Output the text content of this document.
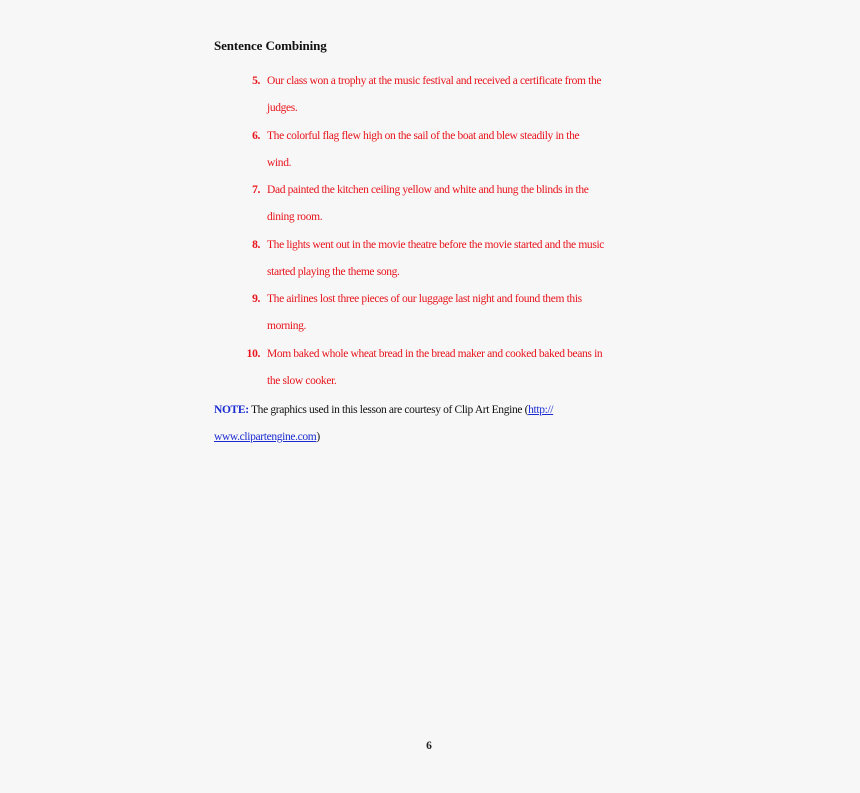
Sentence Combining
5. Our class won a trophy at the music festival and received a certificate from the
judges.
6. The colorful flag flew high on the sail of the boat and blew steadily in the
wind.
7. Dad painted the kitchen ceiling yellow and white and hung the blinds in the
dining room.
8. The lights went out in the movie theatre before the movie started and the music
started playing the theme song.
9. The airlines lost three pieces of our luggage last night and found them this
morning.
10. Mom baked whole wheat bread in the bread maker and cooked baked beans in
the slow cooker.
NOTE: The graphics used in this lesson are courtesy of Clip Art Engine (http://
www.clipartengine.com)
6
